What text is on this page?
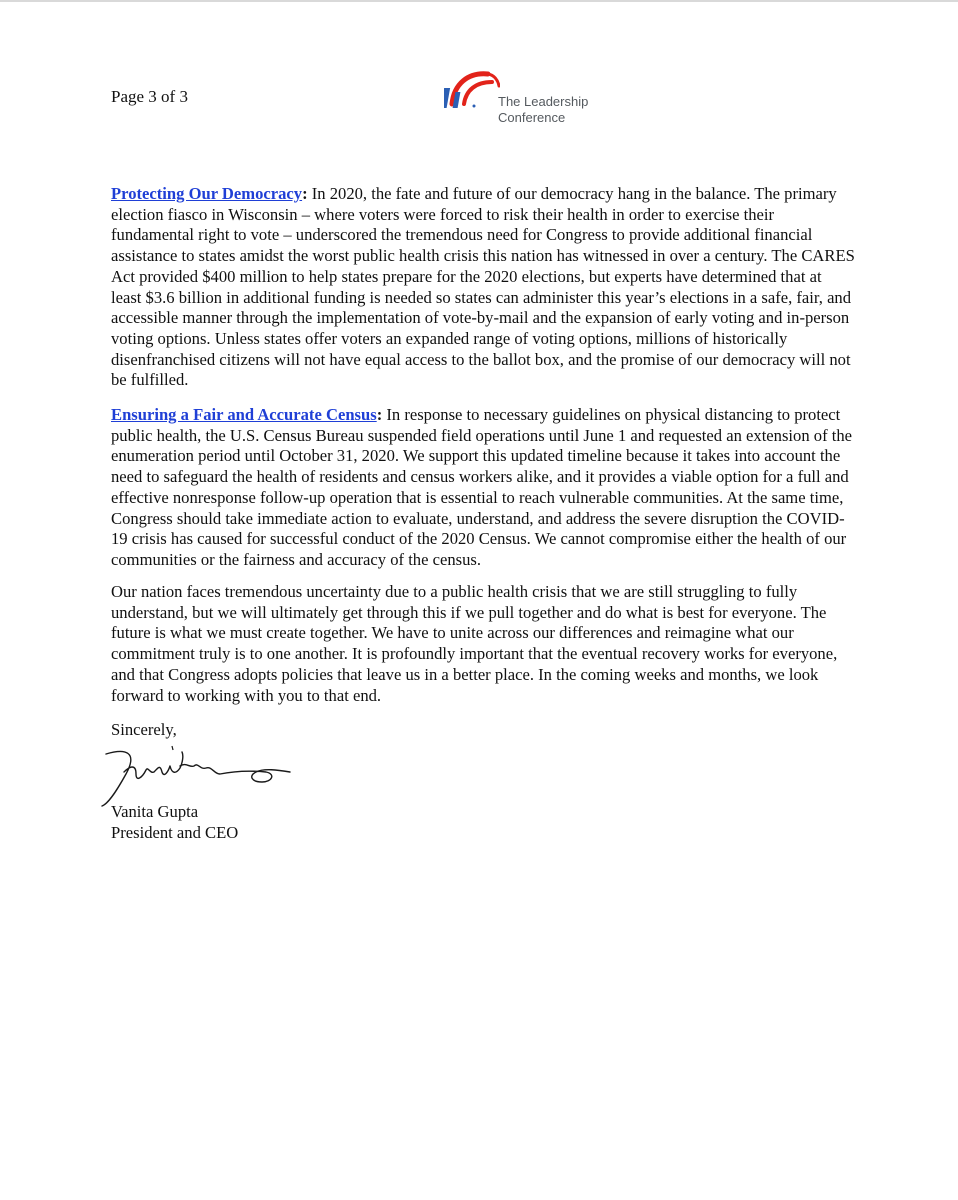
Page 3 of 3	The Leadership
Conference

Protecting Our Democracy: In 2020, the fate and future of our democracy hang in the balance. The primary election fiasco in Wisconsin – where voters were forced to risk their health in order to exercise their fundamental right to vote – underscored the tremendous need for Congress to provide additional financial assistance to states amidst the worst public health crisis this nation has witnessed in over a century. The CARES Act provided $400 million to help states prepare for the 2020 elections, but experts have determined that at least $3.6 billion in additional funding is needed so states can administer this year’s elections in a safe, fair, and accessible manner through the implementation of vote-by-mail and the expansion of early voting and in-person voting options. Unless states offer voters an expanded range of voting options, millions of historically disenfranchised citizens will not have equal access to the ballot box, and the promise of our democracy will not be fulfilled.

Ensuring a Fair and Accurate Census: In response to necessary guidelines on physical distancing to protect public health, the U.S. Census Bureau suspended field operations until June 1 and requested an extension of the enumeration period until October 31, 2020. We support this updated timeline because it takes into account the need to safeguard the health of residents and census workers alike, and it provides a viable option for a full and effective nonresponse follow-up operation that is essential to reach vulnerable communities. At the same time, Congress should take immediate action to evaluate, understand, and address the severe disruption the COVID-19 crisis has caused for successful conduct of the 2020 Census. We cannot compromise either the health of our communities or the fairness and accuracy of the census.

Our nation faces tremendous uncertainty due to a public health crisis that we are still struggling to fully understand, but we will ultimately get through this if we pull together and do what is best for everyone. The future is what we must create together. We have to unite across our differences and reimagine what our commitment truly is to one another. It is profoundly important that the eventual recovery works for everyone, and that Congress adopts policies that leave us in a better place. In the coming weeks and months, we look forward to working with you to that end.

Sincerely,
Vanita Gupta
President and CEO
